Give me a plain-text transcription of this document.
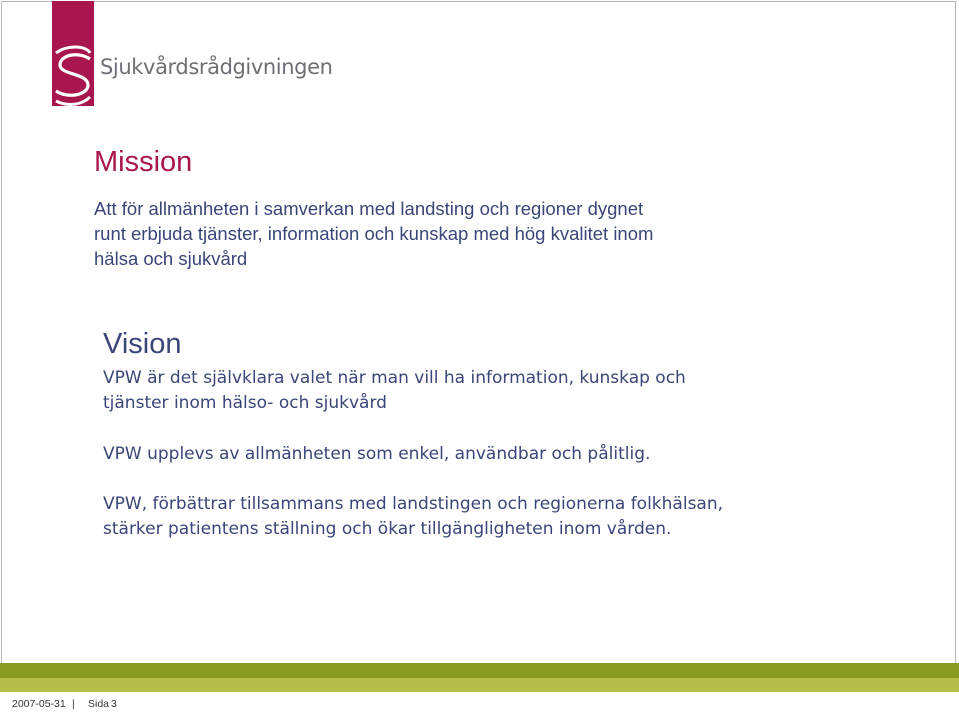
Sjukvårdsrådgivningen
Mission
Att för allmänheten i samverkan med landsting och regioner dygnet runt erbjuda tjänster, information och kunskap med hög kvalitet inom hälsa och sjukvård
Vision
VPW är det självklara valet när man vill ha information, kunskap och tjänster inom hälso- och sjukvård
VPW upplevs av allmänheten som enkel, användbar och pålitlig.
VPW, förbättrar tillsammans med landstingen och regionerna folkhälsan, stärker patientens ställning och ökar tillgängligheten inom vården.
2007-05-31 | Sida 3
